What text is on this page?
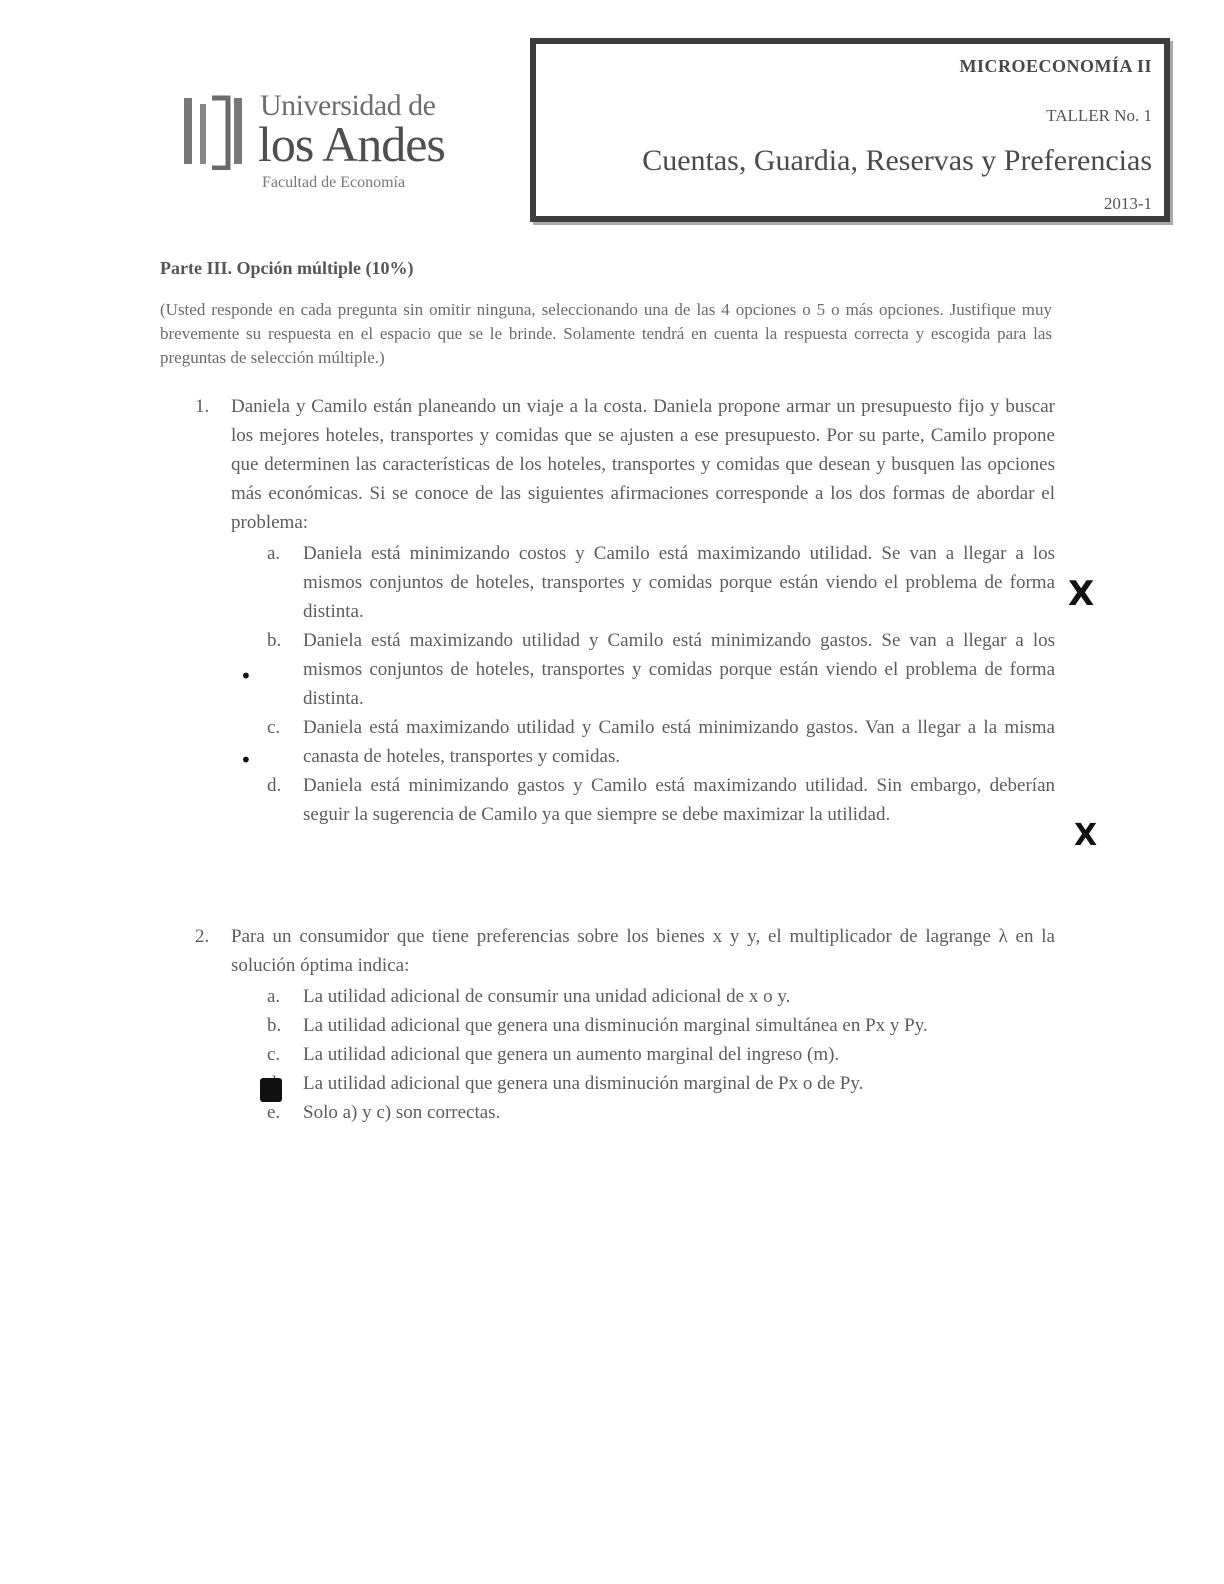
Universidad de
los Andes
Facultad de Economía
MICROECONOMÍA II
TALLER No. 1
Cuentas, Guardia, Reservas y Preferencias
2013-1
Parte III. Opción múltiple (10%)
(Usted responde en cada pregunta sin omitir ninguna, seleccionando una de las 4 opciones o 5 o más opciones. Justifique muy brevemente su respuesta en el espacio que se le brinde. Solamente tendrá en cuenta la respuesta correcta y escogida para las preguntas de selección múltiple.)
1. Daniela y Camilo están planeando un viaje a la costa. Daniela propone armar un presupuesto fijo y buscar los mejores hoteles, transportes y comidas que se ajusten a ese presupuesto. Por su parte, Camilo propone que determinen las características de los hoteles, transportes y comidas que desean y busquen las opciones más económicas. Si se conoce de las siguientes afirmaciones corresponde a los dos formas de abordar el problema:
a. Daniela está minimizando costos y Camilo está maximizando utilidad. Se van a llegar a los mismos conjuntos de hoteles, transportes y comidas porque están viendo el problema de forma distinta.
b. Daniela está maximizando utilidad y Camilo está minimizando gastos. Se van a llegar a los mismos conjuntos de hoteles, transportes y comidas porque están viendo el problema de forma distinta.
c. Daniela está maximizando utilidad y Camilo está minimizando gastos. Van a llegar a la misma canasta de hoteles, transportes y comidas.
d. Daniela está minimizando gastos y Camilo está maximizando utilidad. Sin embargo, deberían seguir la sugerencia de Camilo ya que siempre se debe maximizar la utilidad.
2. Para un consumidor que tiene preferencias sobre los bienes x y y, el multiplicador de lagrange λ en la solución óptima indica:
a. La utilidad adicional de consumir una unidad adicional de x o y.
b. La utilidad adicional que genera una disminución marginal simultánea en Px y Py.
c. La utilidad adicional que genera un aumento marginal del ingreso (m).
La utilidad adicional que genera una disminución marginal de Px o de Py.
e. Solo a) y c) son correctas.
X
X
•
•
